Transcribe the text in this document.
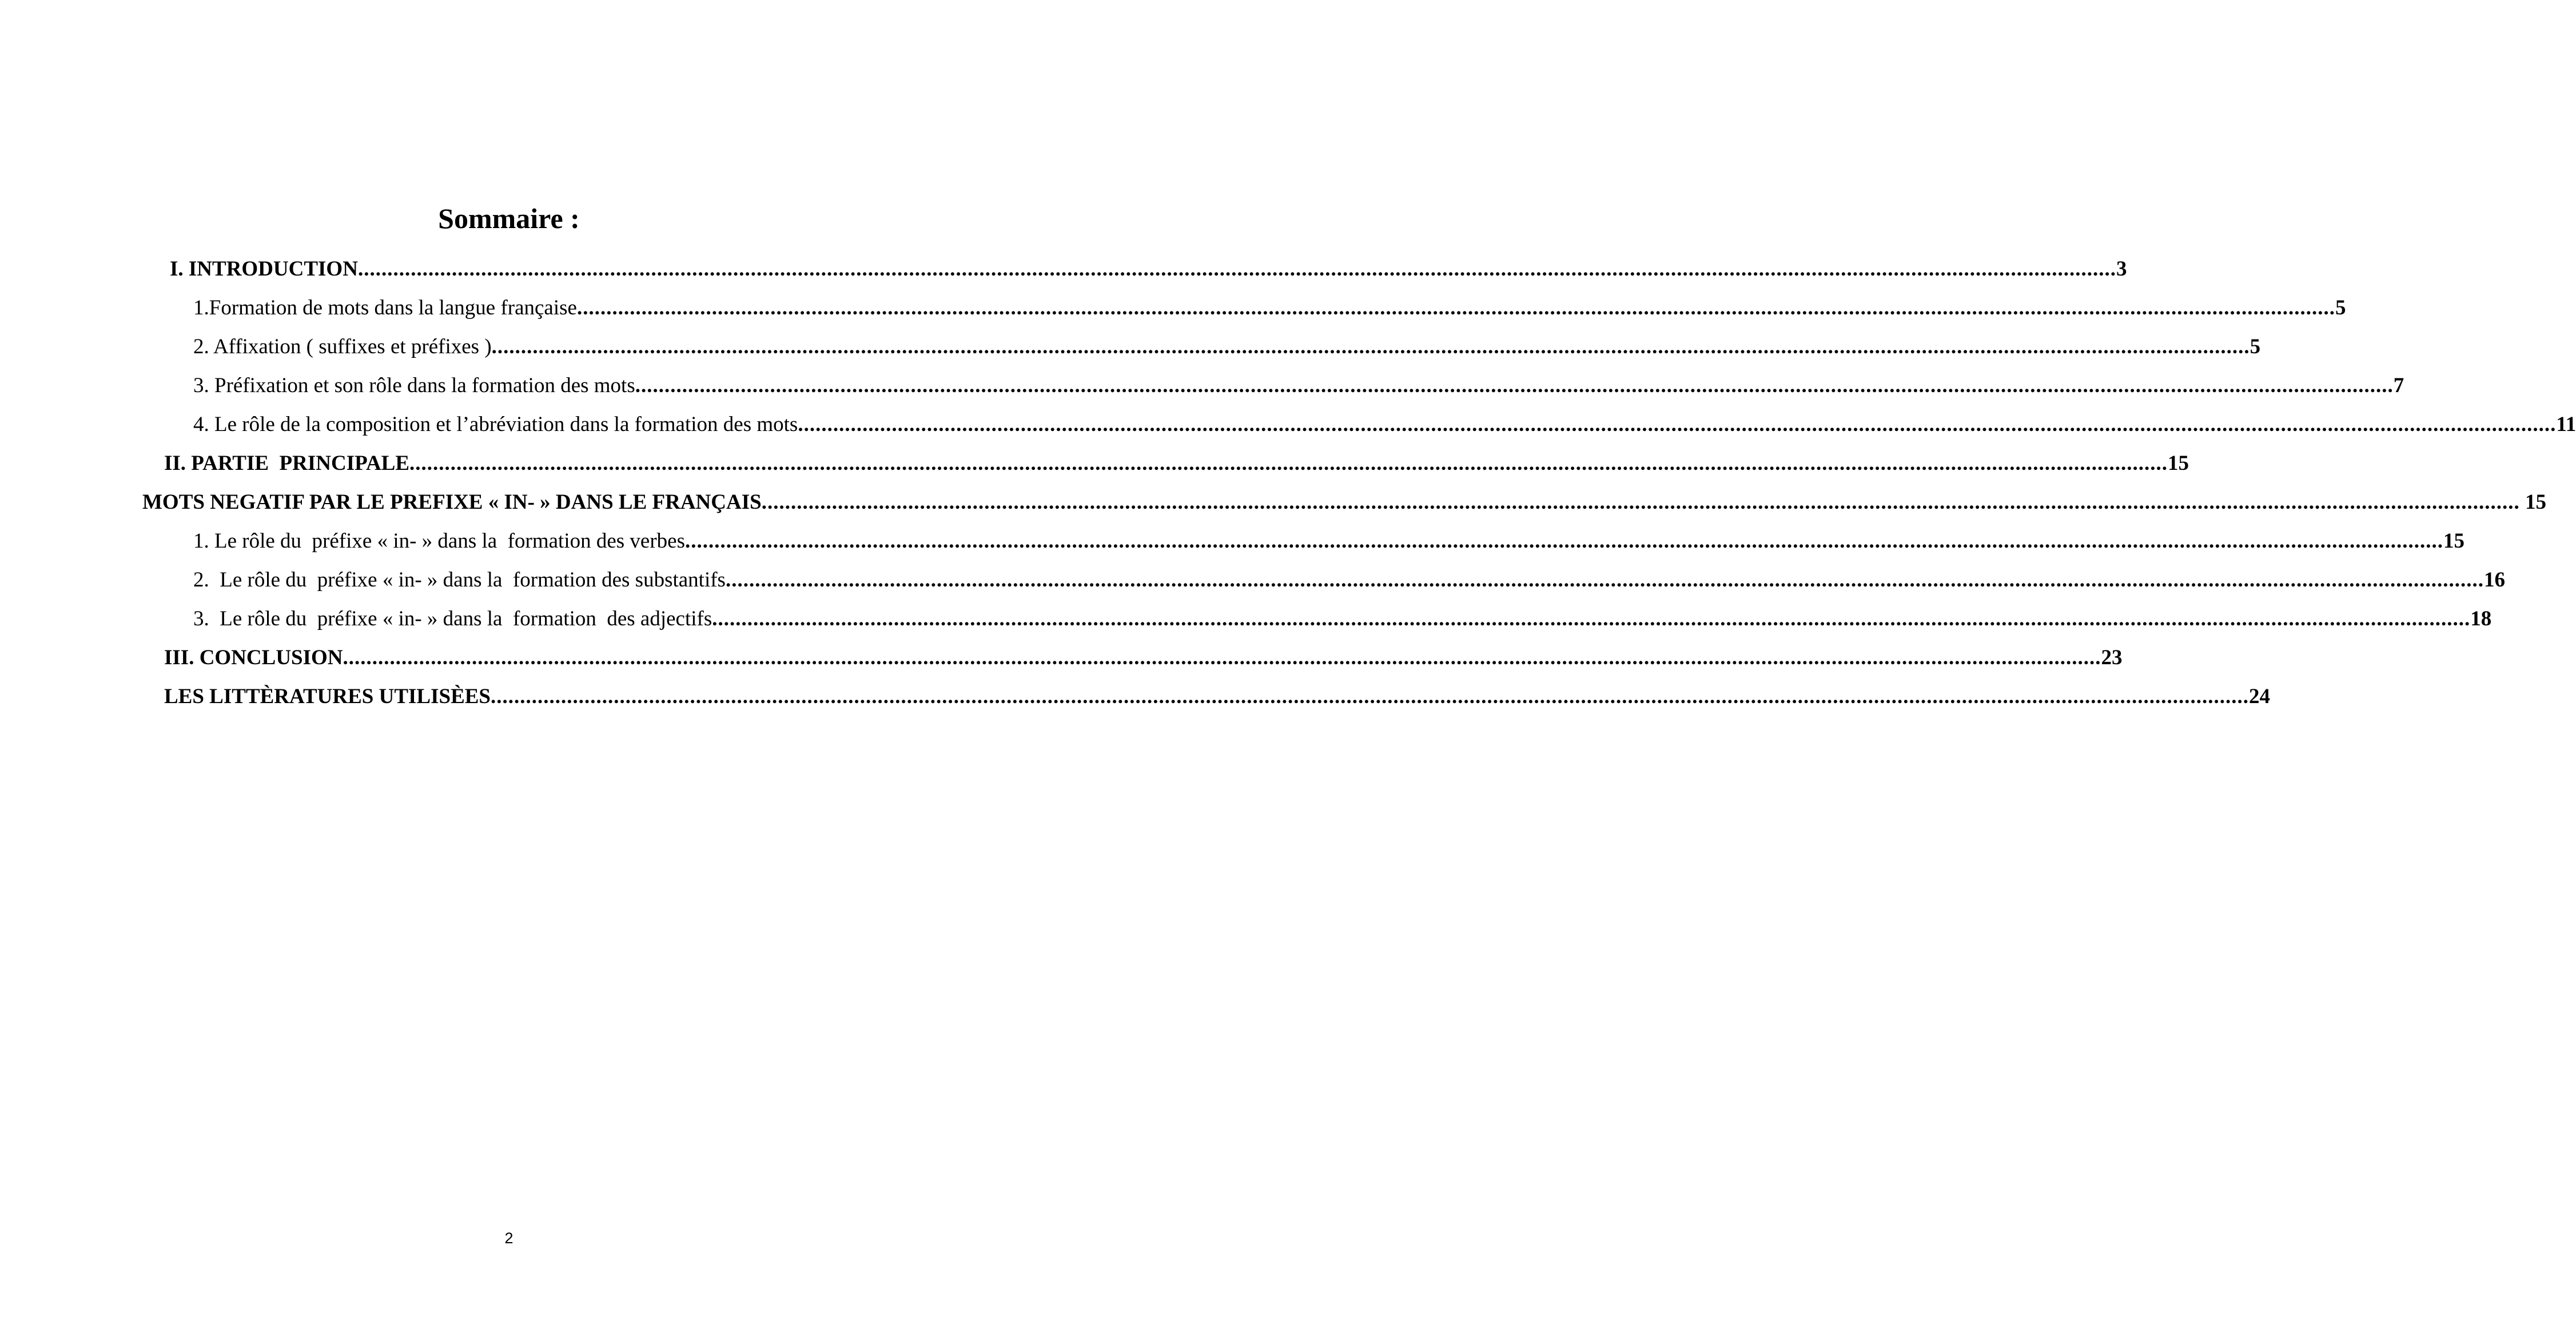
Sommaire :
I. INTRODUCTION ............................................................................................................................................................................................................................................................................................................ 3
1.Formation de mots dans la langue française ............................................................................................................................................................................................................................................................................................................ 5
2. Affixation ( suffixes et préfixes ) ............................................................................................................................................................................................................................................................................................................ 5
3. Préfixation et son rôle dans la formation des mots ............................................................................................................................................................................................................................................................................................................ 7
4. Le rôle de la composition et l’abréviation dans la formation des mots ............................................................................................................................................................................................................................................................................................................ 11
II. PARTIE  PRINCIPALE ............................................................................................................................................................................................................................................................................................................ 15
MOTS NEGATIF PAR LE PREFIXE « IN- » DANS LE FRANÇAIS ............................................................................................................................................................................................................................................................................................................ 15
1. Le rôle du  préfixe « in- » dans la  formation des verbes ............................................................................................................................................................................................................................................................................................................ 15
2.  Le rôle du  préfixe « in- » dans la  formation des substantifs ............................................................................................................................................................................................................................................................................................................ 16
3.  Le rôle du  préfixe « in- » dans la  formation  des adjectifs ............................................................................................................................................................................................................................................................................................................ 18
III. CONCLUSION ............................................................................................................................................................................................................................................................................................................ 23
LES LITTÈRATURES UTILISÈES ............................................................................................................................................................................................................................................................................................................ 24
2
